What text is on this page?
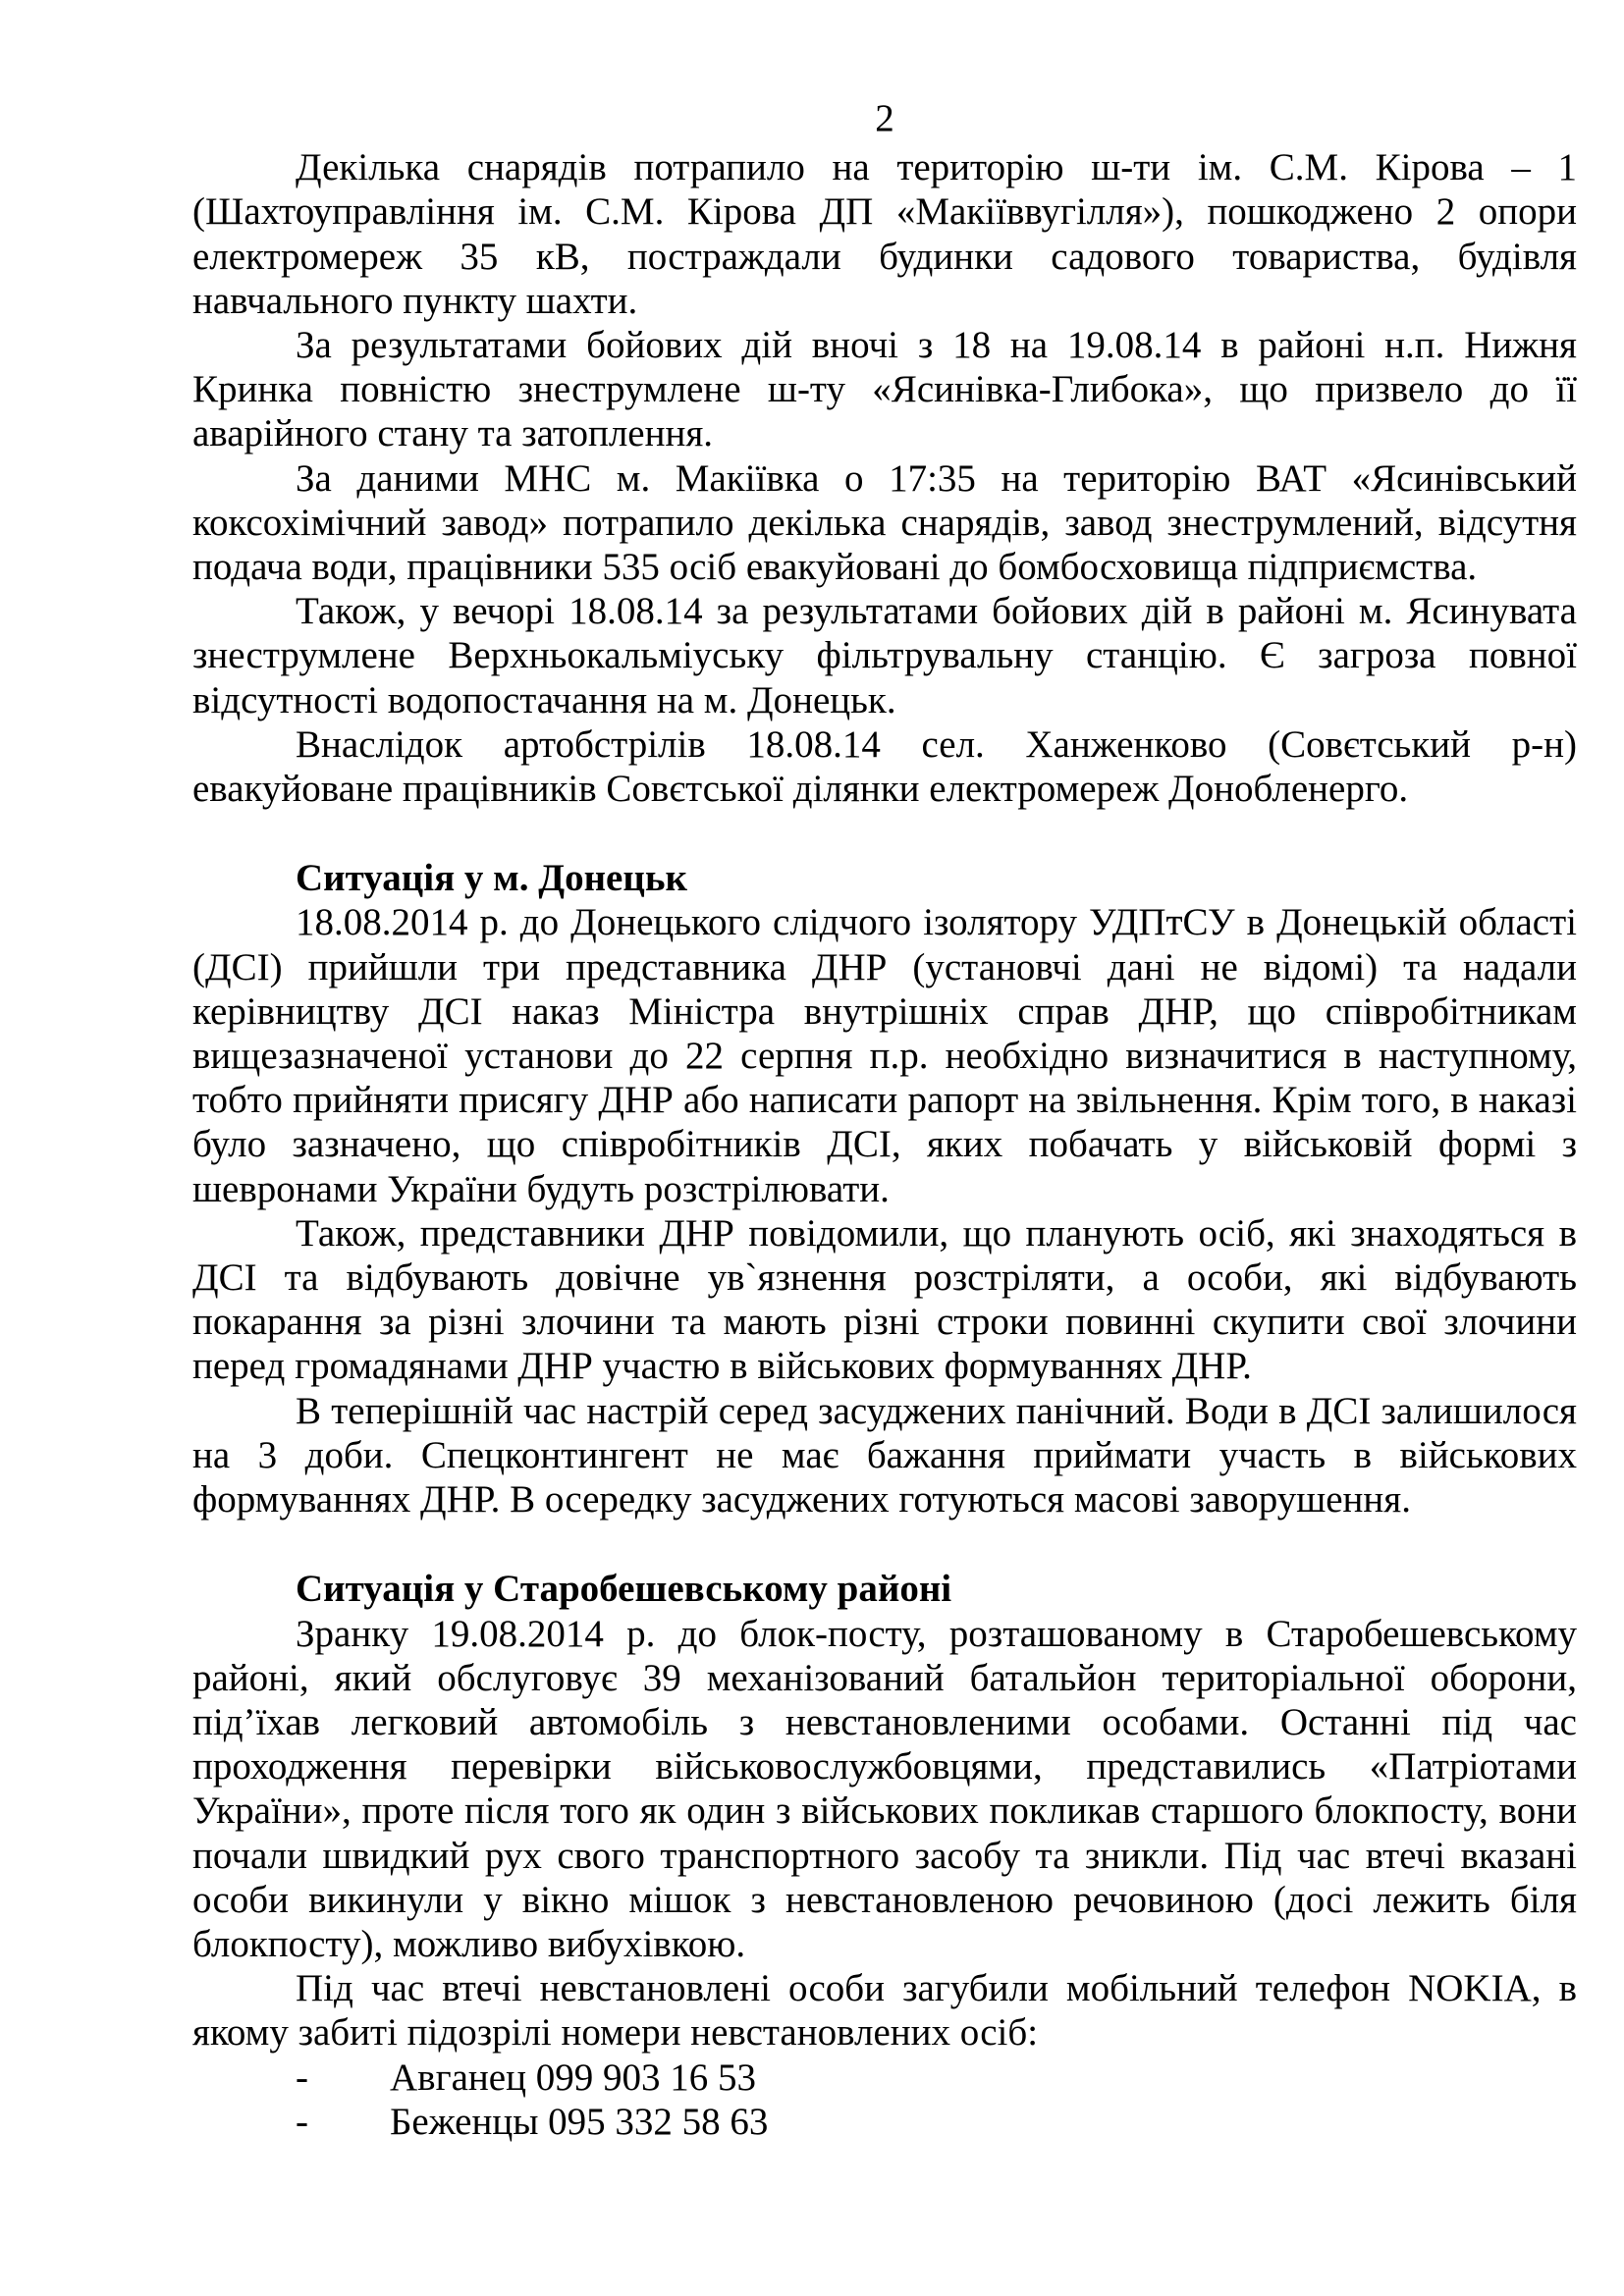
2

Декілька снарядів потрапило на територію ш-ти ім. С.М. Кірова – 1 (Шахтоуправління ім. С.М. Кірова ДП «Макіїввугілля»), пошкоджено 2 опори електромереж 35 кВ, постраждали будинки садового товариства, будівля навчального пункту шахти.

За результатами бойових дій вночі з 18 на 19.08.14 в районі н.п. Нижня Кринка повністю знеструмлене ш-ту «Ясинівка-Глибока», що призвело до її аварійного стану та затоплення.

За даними МНС м. Макіївка о 17:35 на територію ВАТ «Ясинівський коксохімічний завод» потрапило декілька снарядів, завод знеструмлений, відсутня подача води, працівники 535 осіб евакуйовані до бомбосховища підприємства.

Також, у вечорі 18.08.14 за результатами бойових дій в районі м. Ясинувата знеструмлене Верхньокальміуську фільтрувальну станцію. Є загроза повної відсутності водопостачання на м. Донецьк.

Внаслідок артобстрілів 18.08.14 сел. Ханженково (Совєтський р-н) евакуйоване працівників Совєтської ділянки електромереж Донобленерго.

Ситуація у м. Донецьк

18.08.2014 р. до Донецького слідчого ізолятору УДПтСУ в Донецькій області (ДСІ) прийшли три представника ДНР (установчі дані не відомі) та надали керівництву ДСІ наказ Міністра внутрішніх справ ДНР, що співробітникам вищезазначеної установи до 22 серпня п.р. необхідно визначитися в наступному, тобто прийняти присягу ДНР або написати рапорт на звільнення. Крім того, в наказі було зазначено, що співробітників ДСІ, яких побачать у військовій формі з шевронами України будуть розстрілювати.

Також, представники ДНР повідомили, що планують осіб, які знаходяться в ДСІ та відбувають довічне ув`язнення розстріляти, а особи, які відбувають покарання за різні злочини та мають різні строки повинні скупити свої злочини перед громадянами ДНР участю в військових формуваннях ДНР.

В теперішній час настрій серед засуджених панічний. Води в ДСІ залишилося на 3 доби. Спецконтингент не має бажання приймати участь в військових формуваннях ДНР. В осередку засуджених готуються масові заворушення.

Ситуація у Старобешевському районі

Зранку 19.08.2014 р. до блок-посту, розташованому в Старобешевському районі, який обслуговує 39 механізований батальйон територіальної оборони, під’їхав легковий автомобіль з невстановленими особами. Останні під час проходження перевірки військовослужбовцями, представились «Патріотами України», проте після того як один з військових покликав старшого блокпосту, вони почали швидкий рух свого транспортного засобу та зникли. Під час втечі вказані особи викинули у вікно мішок з невстановленою речовиною (досі лежить біля блокпосту), можливо вибухівкою.

Під час втечі невстановлені особи загубили мобільний телефон NOKIA, в якому забиті підозрілі номери невстановлених осіб:

- Авганец 099 903 16 53
- Беженцы 095 332 58 63
